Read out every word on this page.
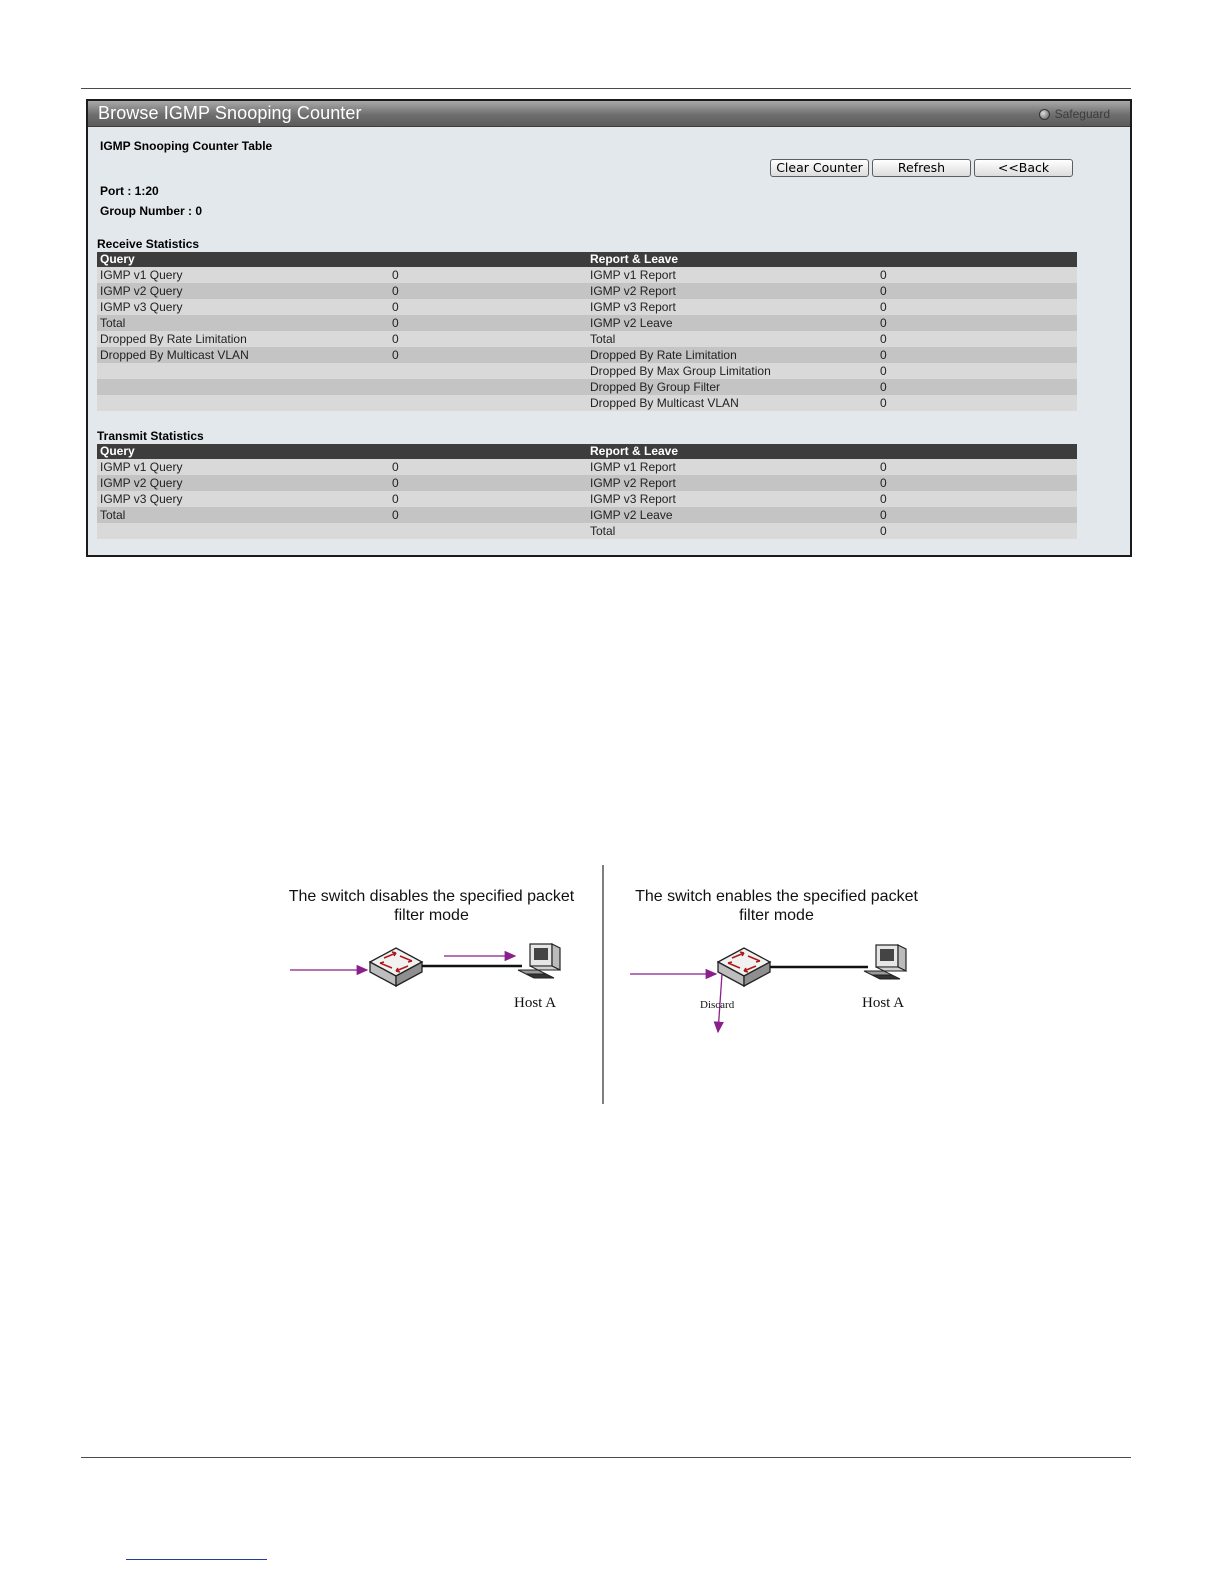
Browse IGMP Snooping Counter	Safeguard
IGMP Snooping Counter Table
Clear Counter	Refresh	<<Back
Port : 1:20
Group Number : 0
Receive Statistics
Query		Report & Leave	
IGMP v1 Query	0	IGMP v1 Report	0
IGMP v2 Query	0	IGMP v2 Report	0
IGMP v3 Query	0	IGMP v3 Report	0
Total	0	IGMP v2 Leave	0
Dropped By Rate Limitation	0	Total	0
Dropped By Multicast VLAN	0	Dropped By Rate Limitation	0
		Dropped By Max Group Limitation	0
		Dropped By Group Filter	0
		Dropped By Multicast VLAN	0
Transmit Statistics
Query		Report & Leave	
IGMP v1 Query	0	IGMP v1 Report	0
IGMP v2 Query	0	IGMP v2 Report	0
IGMP v3 Query	0	IGMP v3 Report	0
Total	0	IGMP v2 Leave	0
		Total	0
The switch disables the specified packet
filter mode
The switch enables the specified packet
filter mode
Host A	Host A
Discard
